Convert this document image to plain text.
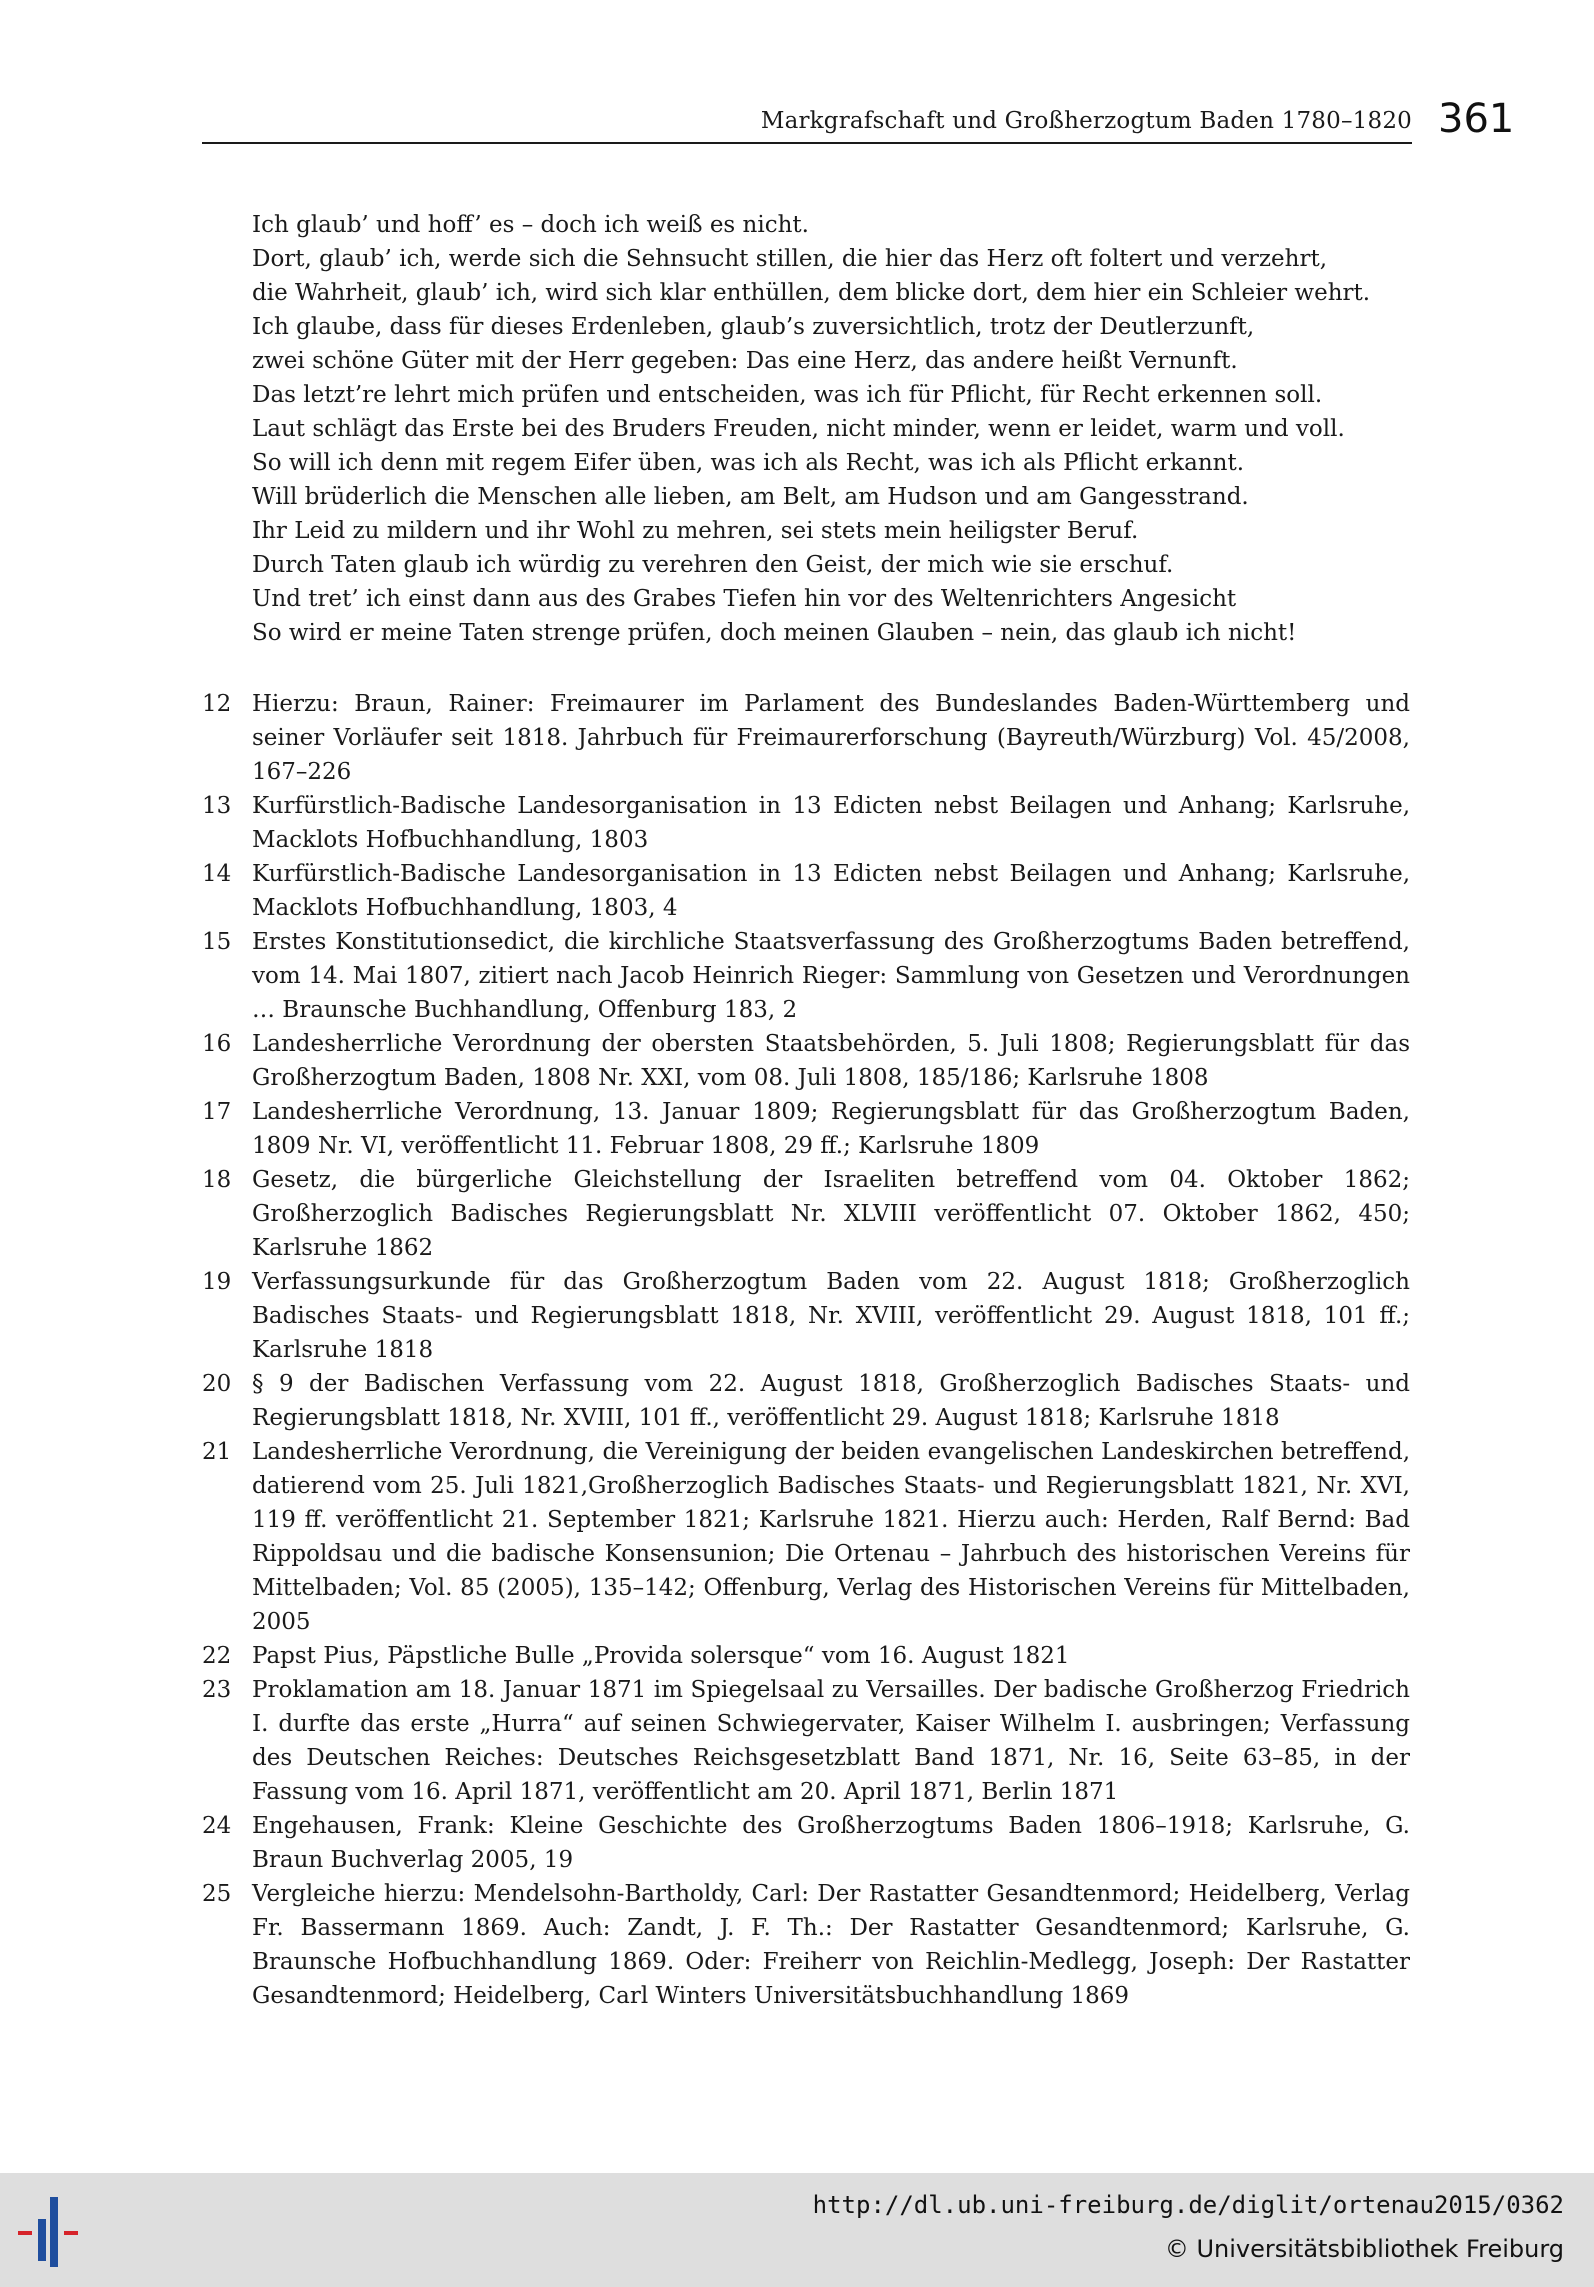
Markgrafschaft und Großherzogtum Baden 1780–1820 361
Ich glaub’ und hoff’ es – doch ich weiß es nicht.
Dort, glaub’ ich, werde sich die Sehnsucht stillen, die hier das Herz oft foltert und verzehrt,
die Wahrheit, glaub’ ich, wird sich klar enthüllen, dem blicke dort, dem hier ein Schleier wehrt.
Ich glaube, dass für dieses Erdenleben, glaub’s zuversichtlich, trotz der Deutlerzunft,
zwei schöne Güter mit der Herr gegeben: Das eine Herz, das andere heißt Vernunft.
Das letzt’re lehrt mich prüfen und entscheiden, was ich für Pflicht, für Recht erkennen soll.
Laut schlägt das Erste bei des Bruders Freuden, nicht minder, wenn er leidet, warm und voll.
So will ich denn mit regem Eifer üben, was ich als Recht, was ich als Pflicht erkannt.
Will brüderlich die Menschen alle lieben, am Belt, am Hudson und am Gangesstrand.
Ihr Leid zu mildern und ihr Wohl zu mehren, sei stets mein heiligster Beruf.
Durch Taten glaub ich würdig zu verehren den Geist, der mich wie sie erschuf.
Und tret’ ich einst dann aus des Grabes Tiefen hin vor des Weltenrichters Angesicht
So wird er meine Taten strenge prüfen, doch meinen Glauben – nein, das glaub ich nicht!
12 Hierzu: Braun, Rainer: Freimaurer im Parlament des Bundeslandes Baden-Württemberg und seiner Vorläufer seit 1818. Jahrbuch für Freimaurerforschung (Bayreuth/Würzburg) Vol. 45/2008, 167–226
13 Kurfürstlich-Badische Landesorganisation in 13 Edicten nebst Beilagen und Anhang; Karlsruhe, Macklots Hofbuchhandlung, 1803
14 Kurfürstlich-Badische Landesorganisation in 13 Edicten nebst Beilagen und Anhang; Karlsruhe, Macklots Hofbuchhandlung, 1803, 4
15 Erstes Konstitutionsedict, die kirchliche Staatsverfassung des Großherzogtums Baden betreffend, vom 14. Mai 1807, zitiert nach Jacob Heinrich Rieger: Sammlung von Gesetzen und Verordnungen … Braunsche Buchhandlung, Offenburg 183, 2
16 Landesherrliche Verordnung der obersten Staatsbehörden, 5. Juli 1808; Regierungsblatt für das Großherzogtum Baden, 1808 Nr. XXI, vom 08. Juli 1808, 185/186; Karlsruhe 1808
17 Landesherrliche Verordnung, 13. Januar 1809; Regierungsblatt für das Großherzogtum Baden, 1809 Nr. VI, veröffentlicht 11. Februar 1808, 29 ff.; Karlsruhe 1809
18 Gesetz, die bürgerliche Gleichstellung der Israeliten betreffend vom 04. Oktober 1862; Großherzoglich Badisches Regierungsblatt Nr. XLVIII veröffentlicht 07. Oktober 1862, 450; Karlsruhe 1862
19 Verfassungsurkunde für das Großherzogtum Baden vom 22. August 1818; Großherzoglich Badisches Staats- und Regierungsblatt 1818, Nr. XVIII, veröffentlicht 29. August 1818, 101 ff.; Karlsruhe 1818
20 § 9 der Badischen Verfassung vom 22. August 1818, Großherzoglich Badisches Staats- und Regierungsblatt 1818, Nr. XVIII, 101 ff., veröffentlicht 29. August 1818; Karlsruhe 1818
21 Landesherrliche Verordnung, die Vereinigung der beiden evangelischen Landeskirchen betreffend, datierend vom 25. Juli 1821,Großherzoglich Badisches Staats- und Regierungsblatt 1821, Nr. XVI, 119 ff. veröffentlicht 21. September 1821; Karlsruhe 1821. Hierzu auch: Herden, Ralf Bernd: Bad Rippoldsau und die badische Konsensunion; Die Ortenau – Jahrbuch des historischen Vereins für Mittelbaden; Vol. 85 (2005), 135–142; Offenburg, Verlag des Historischen Vereins für Mittelbaden, 2005
22 Papst Pius, Päpstliche Bulle „Provida solersque“ vom 16. August 1821
23 Proklamation am 18. Januar 1871 im Spiegelsaal zu Versailles. Der badische Großherzog Friedrich I. durfte das erste „Hurra“ auf seinen Schwiegervater, Kaiser Wilhelm I. ausbringen; Verfassung des Deutschen Reiches: Deutsches Reichsgesetzblatt Band 1871, Nr. 16, Seite 63–85, in der Fassung vom 16. April 1871, veröffentlicht am 20. April 1871, Berlin 1871
24 Engehausen, Frank: Kleine Geschichte des Großherzogtums Baden 1806–1918; Karlsruhe, G. Braun Buchverlag 2005, 19
25 Vergleiche hierzu: Mendelsohn-Bartholdy, Carl: Der Rastatter Gesandtenmord; Heidelberg, Verlag Fr. Bassermann 1869. Auch: Zandt, J. F. Th.: Der Rastatter Gesandtenmord; Karlsruhe, G. Braunsche Hofbuchhandlung 1869. Oder: Freiherr von Reichlin-Medlegg, Joseph: Der Rastatter Gesandtenmord; Heidelberg, Carl Winters Universitätsbuchhandlung 1869
http://dl.ub.uni-freiburg.de/diglit/ortenau2015/0362
© Universitätsbibliothek Freiburg
